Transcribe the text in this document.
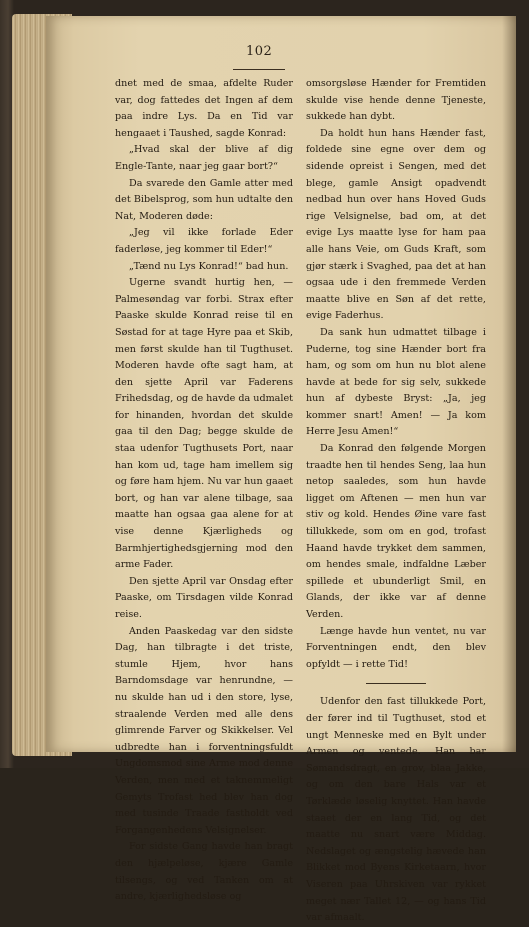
102

dnet med de smaa, afdelte Ruder var, dog fattedes det Ingen af dem paa indre Lys. Da en Tid var hengaaet i Taushed, sagde Konrad:

„Hvad skal der blive af dig Engle-Tante, naar jeg gaar bort?“

Da svarede den Gamle atter med det Bibelsprog, som hun udtalte den Nat, Moderen døde:

„Jeg vil ikke forlade Eder faderløse, jeg kommer til Eder!“

„Tænd nu Lys Konrad!“ bad hun.

Ugerne svandt hurtig hen, — Palmesøndag var forbi. Strax efter Paaske skulde Konrad reise til en Søstad for at tage Hyre paa et Skib, men først skulde han til Tugthuset. Moderen havde ofte sagt ham, at den sjette April var Faderens Frihedsdag, og de havde da udmalet for hinanden, hvordan det skulde gaa til den Dag; begge skulde de staa udenfor Tugthusets Port, naar han kom ud, tage ham imellem sig og føre ham hjem. Nu var hun gaaet bort, og han var alene tilbage, saa maatte han ogsaa gaa alene for at vise denne Kjærligheds og Barmhjertighedsgjerning mod den arme Fader.

Den sjette April var Onsdag efter Paaske, om Tirsdagen vilde Konrad reise.

Anden Paaskedag var den sidste Dag, han tilbragte i det triste, stumle Hjem, hvor hans Barndomsdage var henrundne, — nu skulde han ud i den store, lyse, straalende Verden med alle dens glimrende Farver og Skikkelser. Vel udbredte han i forventningsfuldt Ungdomsmod sine Arme mod denne Verden, men med et taknemmeligt Gemyts Trofast hed blev han dog med tusinde Traade fastholdt ved Forgangenhedens Velsignelser.

For sidste Gang havde han bragt den hjælpeløse, kjære Gamle tilsengs, og ved Tanken om at andre, kjærlighedsløse og

omsorgsløse Hænder for Fremtiden skulde vise hende denne Tjeneste, sukkede han dybt.

Da holdt hun hans Hænder fast, foldede sine egne over dem og sidende opreist i Sengen, med det blege, gamle Ansigt opadvendt nedbad hun over hans Hoved Guds rige Velsignelse, bad om, at det evige Lys maatte lyse for ham paa alle hans Veie, om Guds Kraft, som gjør stærk i Svaghed, paa det at han ogsaa ude i den fremmede Verden maatte blive en Søn af det rette, evige Faderhus.

Da sank hun udmattet tilbage i Puderne, tog sine Hænder bort fra ham, og som om hun nu blot alene havde at bede for sig selv, sukkede hun af dybeste Bryst: „Ja, jeg kommer snart! Amen! — Ja kom Herre Jesu Amen!“

Da Konrad den følgende Morgen traadte hen til hendes Seng, laa hun netop saaledes, som hun havde ligget om Aftenen — men hun var stiv og kold. Hendes Øine vare fast tillukkede, som om en god, trofast Haand havde trykket dem sammen, om hendes smale, indfaldne Læber spillede et ubunderligt Smil, en Glands, der ikke var af denne Verden.

Længe havde hun ventet, nu var Forventningen endt, den blev opfyldt — i rette Tid!

Udenfor den fast tillukkede Port, der fører ind til Tugthuset, stod et ungt Menneske med en Bylt under Armen og ventede. Han bar Sømandsdragt, en grov, blaa Jakke, og om den bare Hals var et Tørklæde løselig knyttet. Han havde staaet der en lang Tid, og det maatte nu snart være Middag. Nedslaget og ængstelig hævede han Blikket mod Byens Kirketaarn, hvor Viseren paa Uhrskiven var rykket meget nær Tallet 12, — og hans Tid var afmaalt.
